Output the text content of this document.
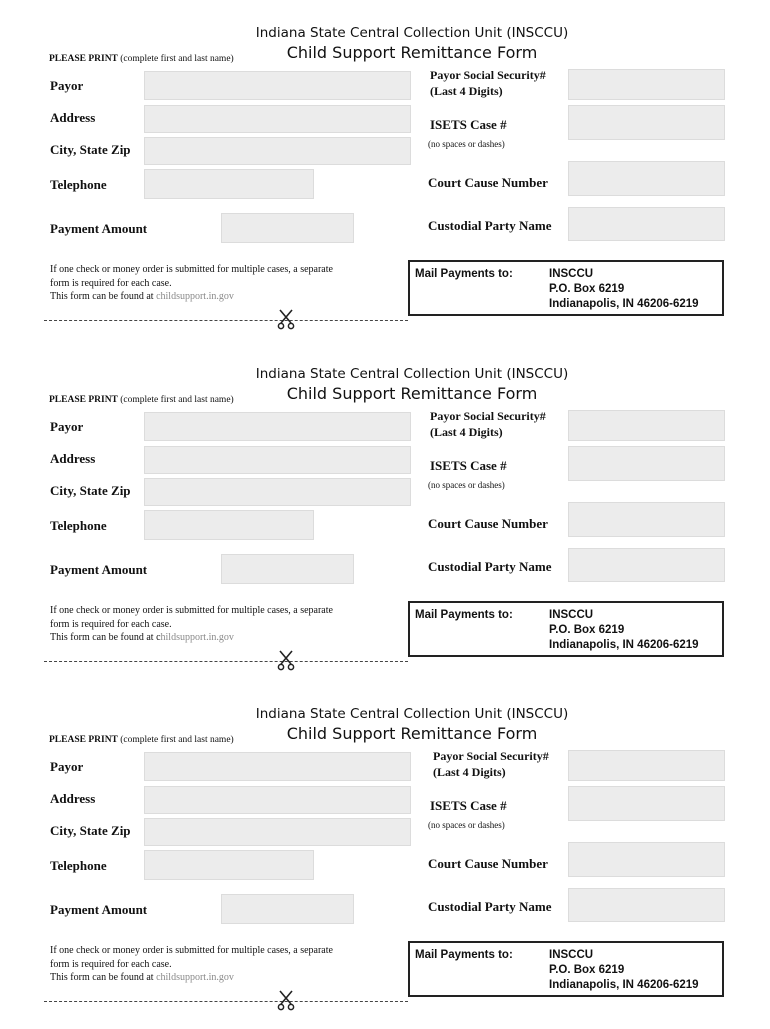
Indiana State Central Collection Unit (INSCCU)
Child Support Remittance Form
PLEASE PRINT (complete first and last name)
Payor
Address
City, State Zip
Telephone
Payment Amount
Payor Social Security#
(Last 4 Digits)
ISETS Case #
(no spaces or dashes)
Court Cause Number
Custodial Party Name
If one check or money order is submitted for multiple cases, a separate
form is required for each case.
This form can be found at childsupport.in.gov
Mail Payments to:	INSCCU
P.O. Box 6219
Indianapolis, IN 46206-6219
Indiana State Central Collection Unit (INSCCU)
Child Support Remittance Form
PLEASE PRINT (complete first and last name)
Payor
Address
City, State Zip
Telephone
Payment Amount
Payor Social Security#
(Last 4 Digits)
ISETS Case #
(no spaces or dashes)
Court Cause Number
Custodial Party Name
If one check or money order is submitted for multiple cases, a separate
form is required for each case.
This form can be found at childsupport.in.gov
Mail Payments to:	INSCCU
P.O. Box 6219
Indianapolis, IN 46206-6219
Indiana State Central Collection Unit (INSCCU)
Child Support Remittance Form
PLEASE PRINT (complete first and last name)
Payor
Address
City, State Zip
Telephone
Payment Amount
Payor Social Security#
(Last 4 Digits)
ISETS Case #
(no spaces or dashes)
Court Cause Number
Custodial Party Name
If one check or money order is submitted for multiple cases, a separate
form is required for each case.
This form can be found at childsupport.in.gov
Mail Payments to:	INSCCU
P.O. Box 6219
Indianapolis, IN 46206-6219
